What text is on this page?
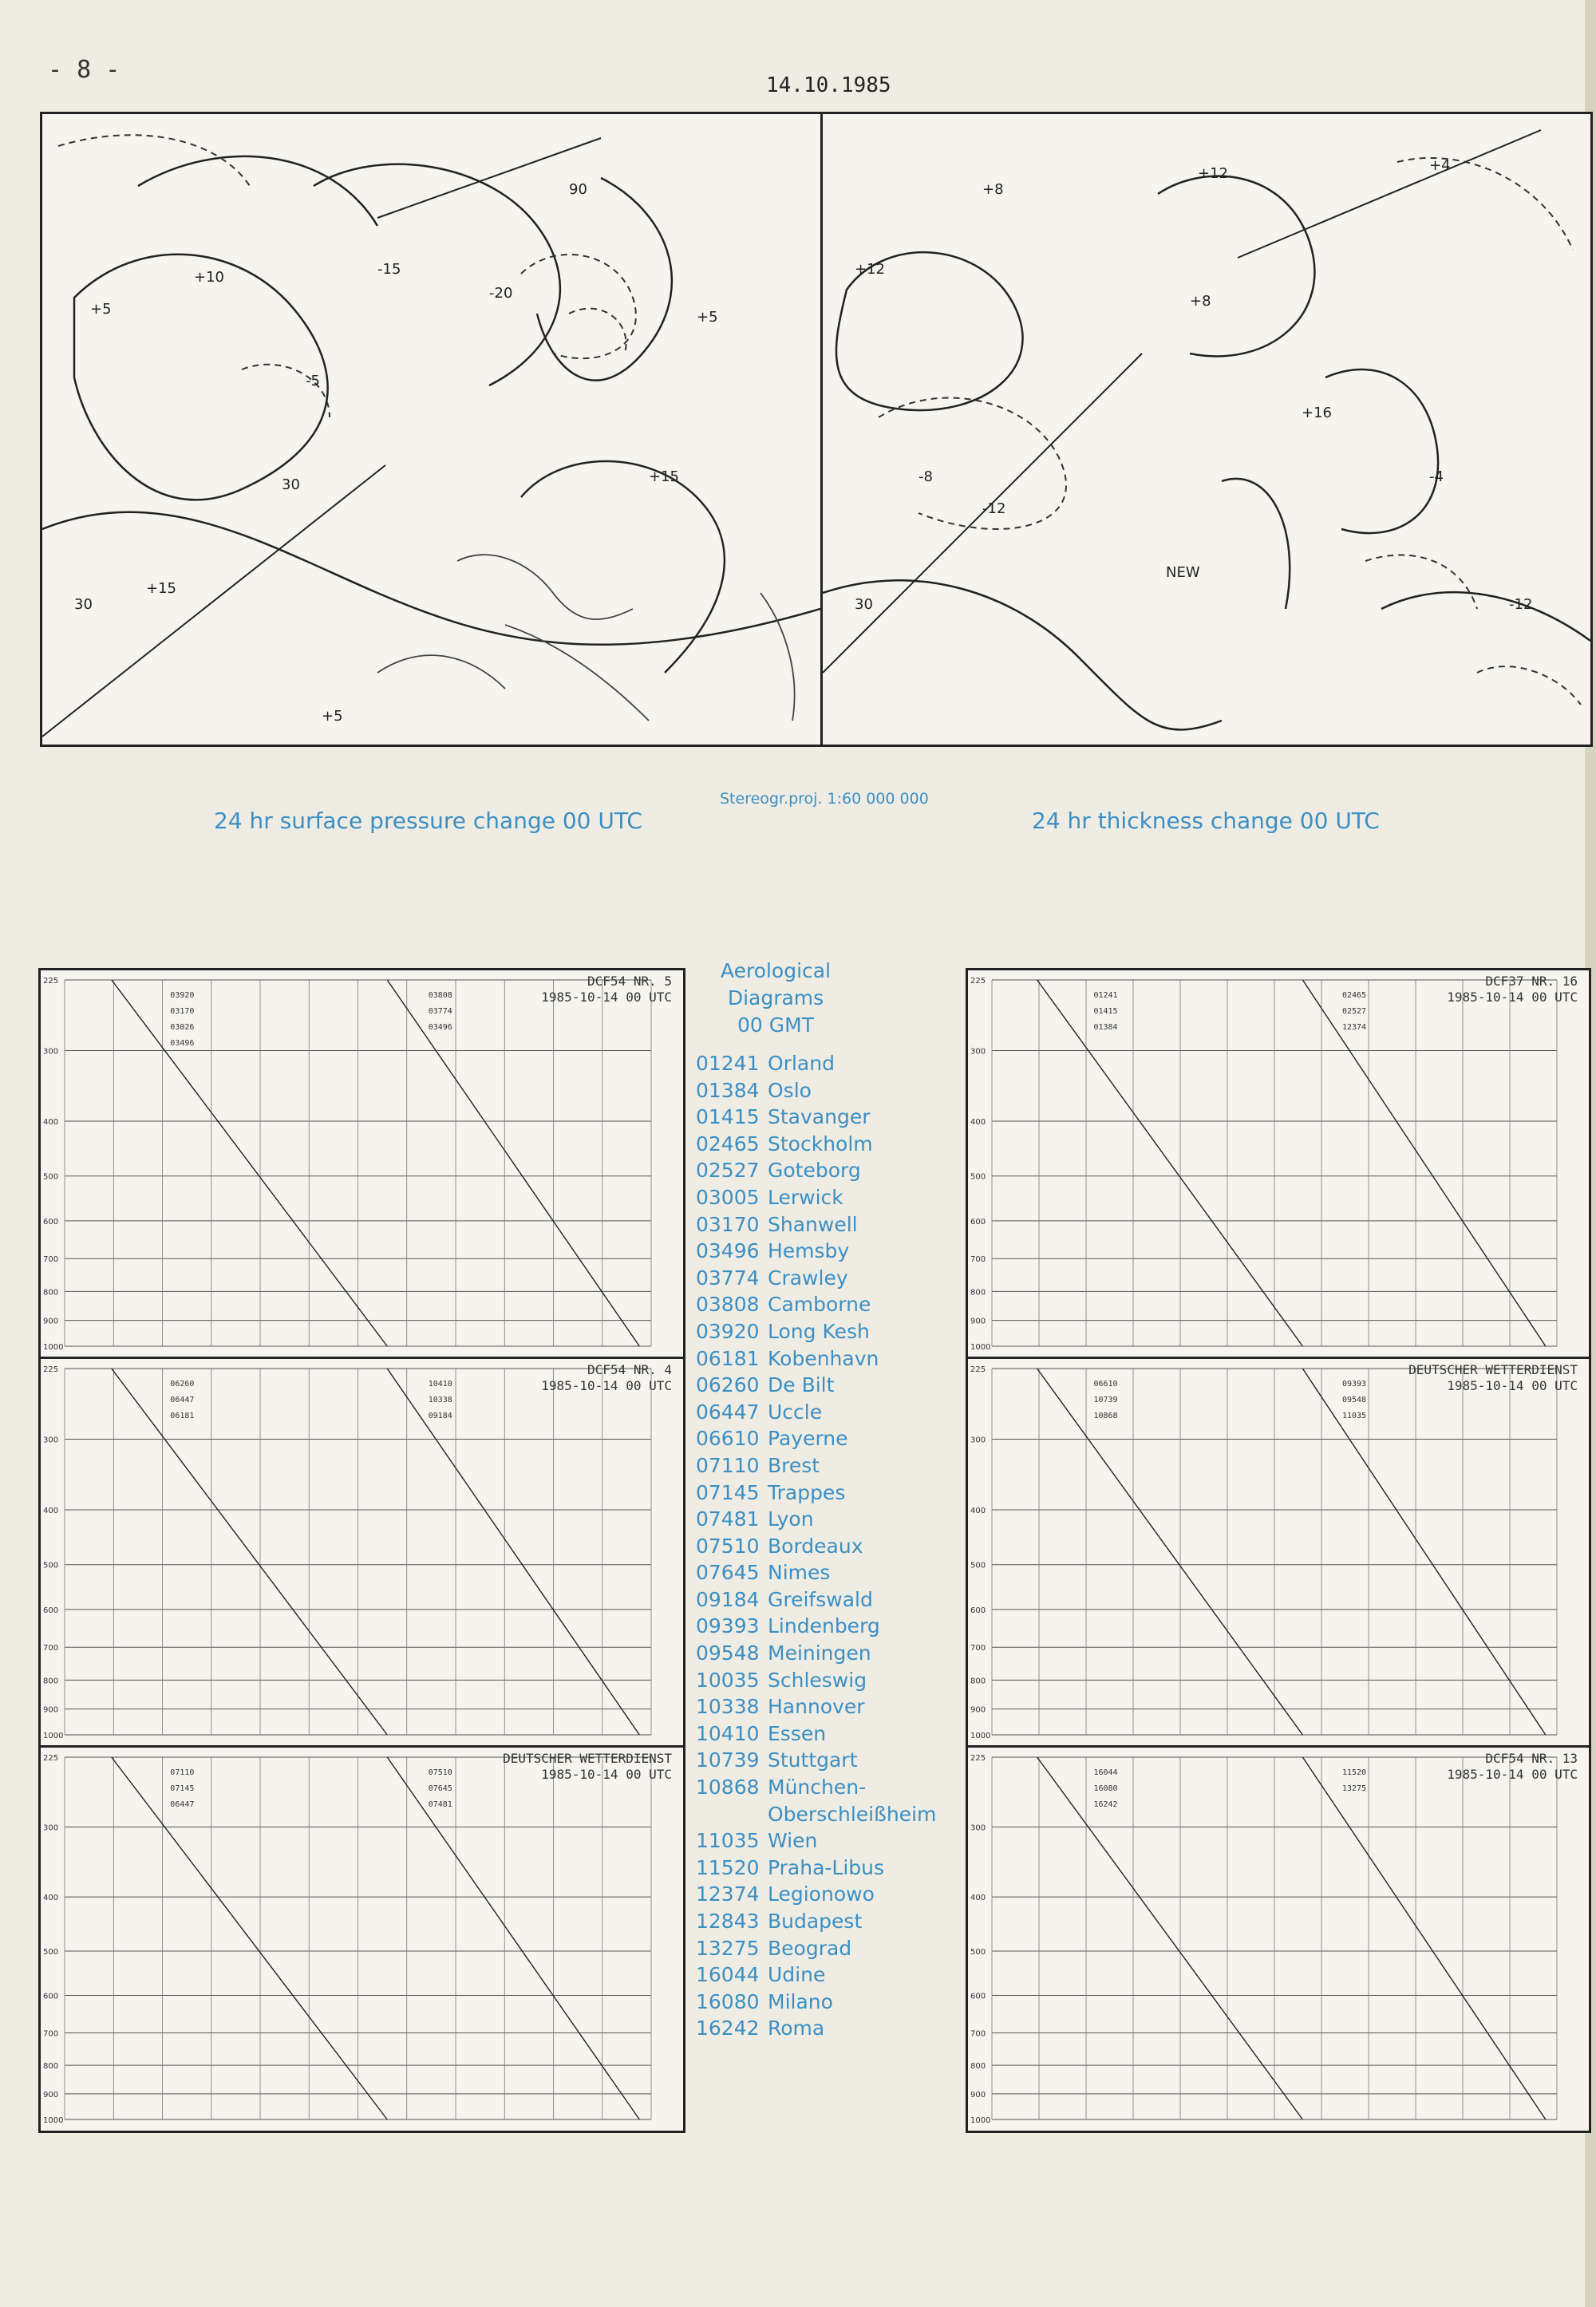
- 8 -
14.10.1985
+10
+5
-5
-15
-20
+15
+15
30
30
90
+5
+5
+12
+8
+12	+4
-8
-12
+16
+8
-4
-12
NEW
30
Stereogr.proj. 1:60 000 000
24 hr surface pressure change 00 UTC	24 hr thickness change 00 UTC
225
300
400
500
600
700
800
900
1000
03920
03170
03026
03496
03808
03774
03496
DCF54 NR. 5
1985-10-14 00 UTC
225
300
400
500
600
700
800
900
1000
06260
06447
06181
10410
10338
09184
DCF54 NR. 4
1985-10-14 00 UTC
225
300
400
500
600
700
800
900
1000
07110
07145
06447
07510
07645
07481
DEUTSCHER WETTERDIENST
1985-10-14 00 UTC
225
300
400
500
600
700
800
900
1000
01241
01415
01384
02465
02527
12374
DCF37 NR. 16
1985-10-14 00 UTC
225
300
400
500
600
700
800
900
1000
06610
10739
10868
09393
09548
11035
DEUTSCHER WETTERDIENST
1985-10-14 00 UTC
225
300
400
500
600
700
800
900
1000
16044
16080
16242
11520
13275
DCF54 NR. 13
1985-10-14 00 UTC
Aerological
Diagrams
00 GMT
01241 Orland
01384 Oslo
01415 Stavanger
02465 Stockholm
02527 Goteborg
03005 Lerwick
03170 Shanwell
03496 Hemsby
03774 Crawley
03808 Camborne
03920 Long Kesh
06181 Kobenhavn
06260 De Bilt
06447 Uccle
06610 Payerne
07110 Brest
07145 Trappes
07481 Lyon
07510 Bordeaux
07645 Nimes
09184 Greifswald
09393 Lindenberg
09548 Meiningen
10035 Schleswig
10338 Hannover
10410 Essen
10739 Stuttgart
10868 München-
Oberschleißheim
11035 Wien
11520 Praha-Libus
12374 Legionowo
12843 Budapest
13275 Beograd
16044 Udine
16080 Milano
16242 Roma
